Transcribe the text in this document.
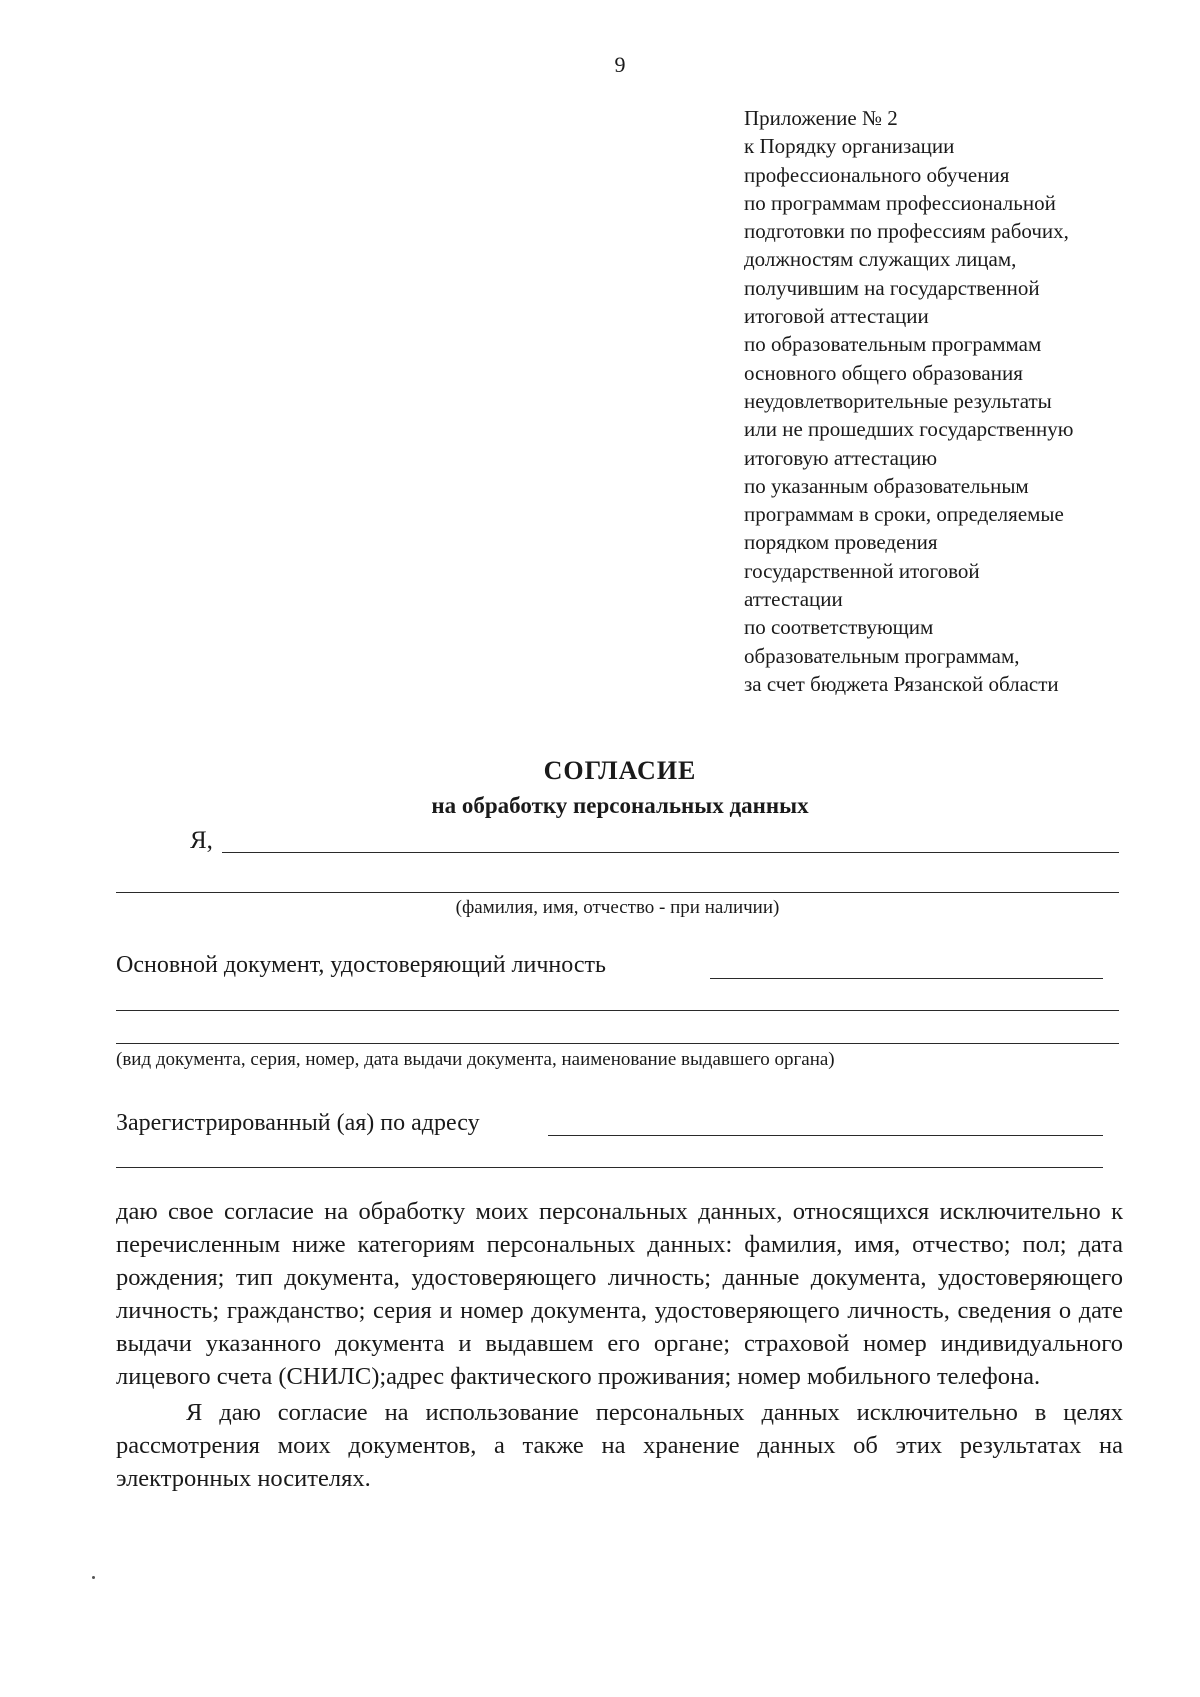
9
Приложение № 2
к Порядку организации
профессионального обучения
по программам профессиональной
подготовки по профессиям рабочих,
должностям служащих лицам,
получившим на государственной
итоговой аттестации
по образовательным программам
основного общего образования
неудовлетворительные результаты
или не прошедших государственную
итоговую аттестацию
по указанным образовательным
программам в сроки, определяемые
порядком проведения
государственной итоговой
аттестации
по соответствующим
образовательным программам,
за счет бюджета Рязанской области
СОГЛАСИЕ
на обработку персональных данных
Я,
(фамилия, имя, отчество - при наличии)
Основной документ, удостоверяющий личность
(вид документа, серия, номер, дата выдачи документа, наименование выдавшего органа)
Зарегистрированный (ая) по адресу

даю свое согласие на обработку моих персональных данных, относящихся исключительно к перечисленным ниже категориям персональных данных: фамилия, имя, отчество; пол; дата рождения; тип документа, удостоверяющего личность; данные документа, удостоверяющего личность; гражданство; серия и номер документа, удостоверяющего личность, сведения о дате выдачи указанного документа и выдавшем его органе; страховой номер индивидуального лицевого счета (СНИЛС);адрес фактического проживания; номер мобильного телефона.

Я даю согласие на использование персональных данных исключительно в целях рассмотрения моих документов, а также на хранение данных об этих результатах на электронных носителях.
